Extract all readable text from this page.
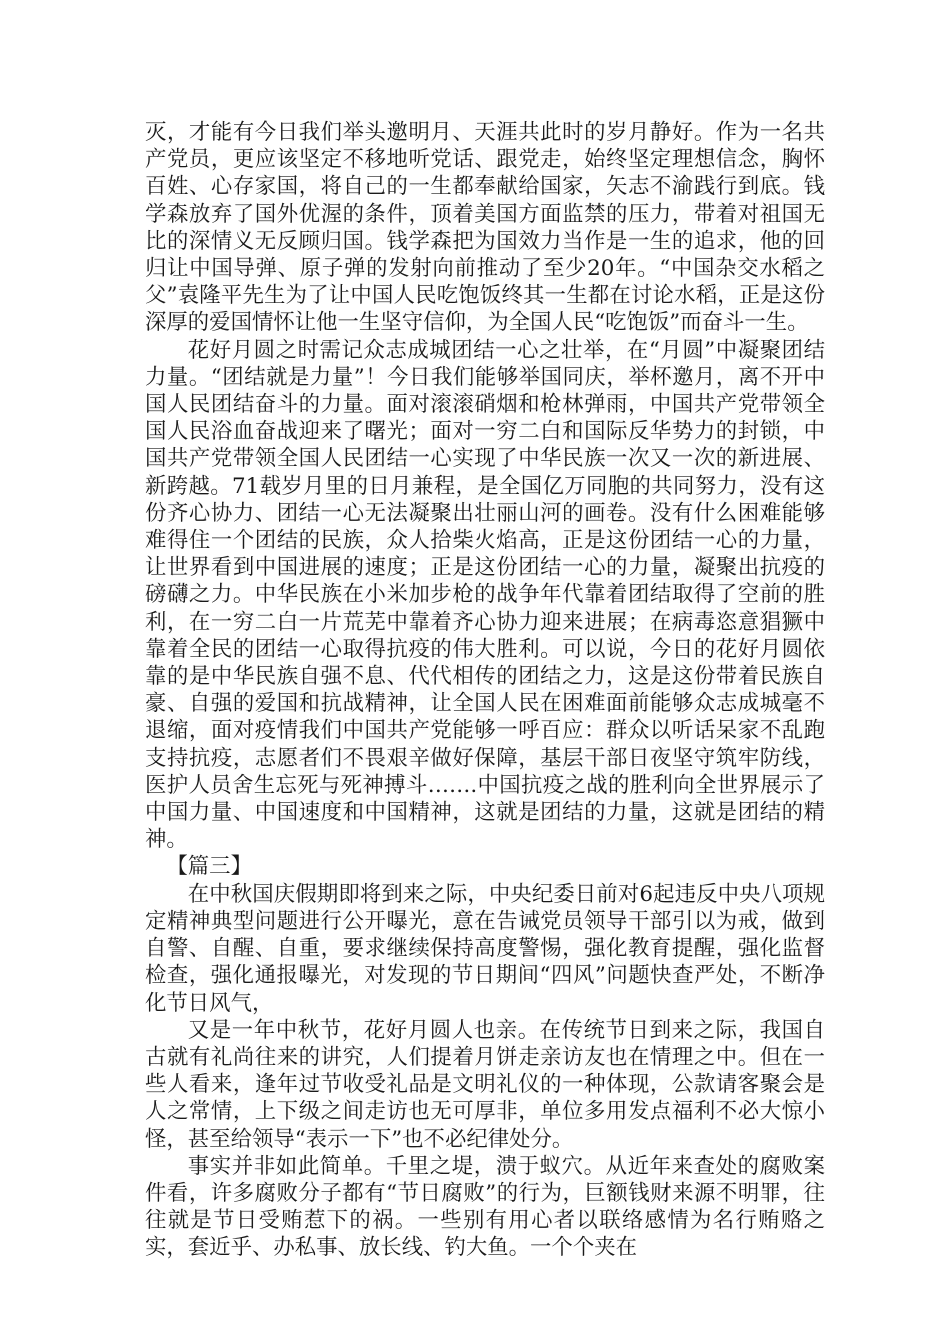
灭，才能有今日我们举头邀明月、天涯共此时的岁月静好。作为一名共产党员，更应该坚定不移地听党话、跟党走，始终坚定理想信念，胸怀百姓、心存家国，将自己的一生都奉献给国家，矢志不渝践行到底。钱学森放弃了国外优渥的条件，顶着美国方面监禁的压力，带着对祖国无比的深情义无反顾归国。钱学森把为国效力当作是一生的追求，他的回归让中国导弹、原子弹的发射向前推动了至少20年。“中国杂交水稻之父”袁隆平先生为了让中国人民吃饱饭终其一生都在讨论水稻，正是这份深厚的爱国情怀让他一生坚守信仰，为全国人民“吃饱饭”而奋斗一生。

花好月圆之时需记众志成城团结一心之壮举，在“月圆”中凝聚团结力量。“团结就是力量”！今日我们能够举国同庆，举杯邀月，离不开中国人民团结奋斗的力量。面对滚滚硝烟和枪林弹雨，中国共产党带领全国人民浴血奋战迎来了曙光；面对一穷二白和国际反华势力的封锁，中国共产党带领全国人民团结一心实现了中华民族一次又一次的新进展、新跨越。71载岁月里的日月兼程，是全国亿万同胞的共同努力，没有这份齐心协力、团结一心无法凝聚出壮丽山河的画卷。没有什么困难能够难得住一个团结的民族，众人拾柴火焰高，正是这份团结一心的力量，让世界看到中国进展的速度；正是这份团结一心的力量，凝聚出抗疫的磅礴之力。中华民族在小米加步枪的战争年代靠着团结取得了空前的胜利，在一穷二白一片荒芜中靠着齐心协力迎来进展；在病毒恣意猖獗中靠着全民的团结一心取得抗疫的伟大胜利。可以说，今日的花好月圆依靠的是中华民族自强不息、代代相传的团结之力，这是这份带着民族自豪、自强的爱国和抗战精神，让全国人民在困难面前能够众志成城毫不退缩，面对疫情我们中国共产党能够一呼百应：群众以听话呆家不乱跑支持抗疫，志愿者们不畏艰辛做好保障，基层干部日夜坚守筑牢防线，医护人员舍生忘死与死神搏斗…….中国抗疫之战的胜利向全世界展示了中国力量、中国速度和中国精神，这就是团结的力量，这就是团结的精神。

【篇三】

在中秋国庆假期即将到来之际，中央纪委日前对6起违反中央八项规定精神典型问题进行公开曝光，意在告诫党员领导干部引以为戒，做到自警、自醒、自重，要求继续保持高度警惕，强化教育提醒，强化监督检查，强化通报曝光，对发现的节日期间“四风”问题快查严处，不断净化节日风气，

又是一年中秋节，花好月圆人也亲。在传统节日到来之际，我国自古就有礼尚往来的讲究，人们提着月饼走亲访友也在情理之中。但在一些人看来，逢年过节收受礼品是文明礼仪的一种体现，公款请客聚会是人之常情，上下级之间走访也无可厚非，单位多用发点福利不必大惊小怪，甚至给领导“表示一下”也不必纪律处分。

事实并非如此简单。千里之堤，溃于蚁穴。从近年来查处的腐败案件看，许多腐败分子都有“节日腐败”的行为，巨额钱财来源不明罪，往往就是节日受贿惹下的祸。一些别有用心者以联络感情为名行贿赂之实，套近乎、办私事、放长线、钓大鱼。一个个夹在
